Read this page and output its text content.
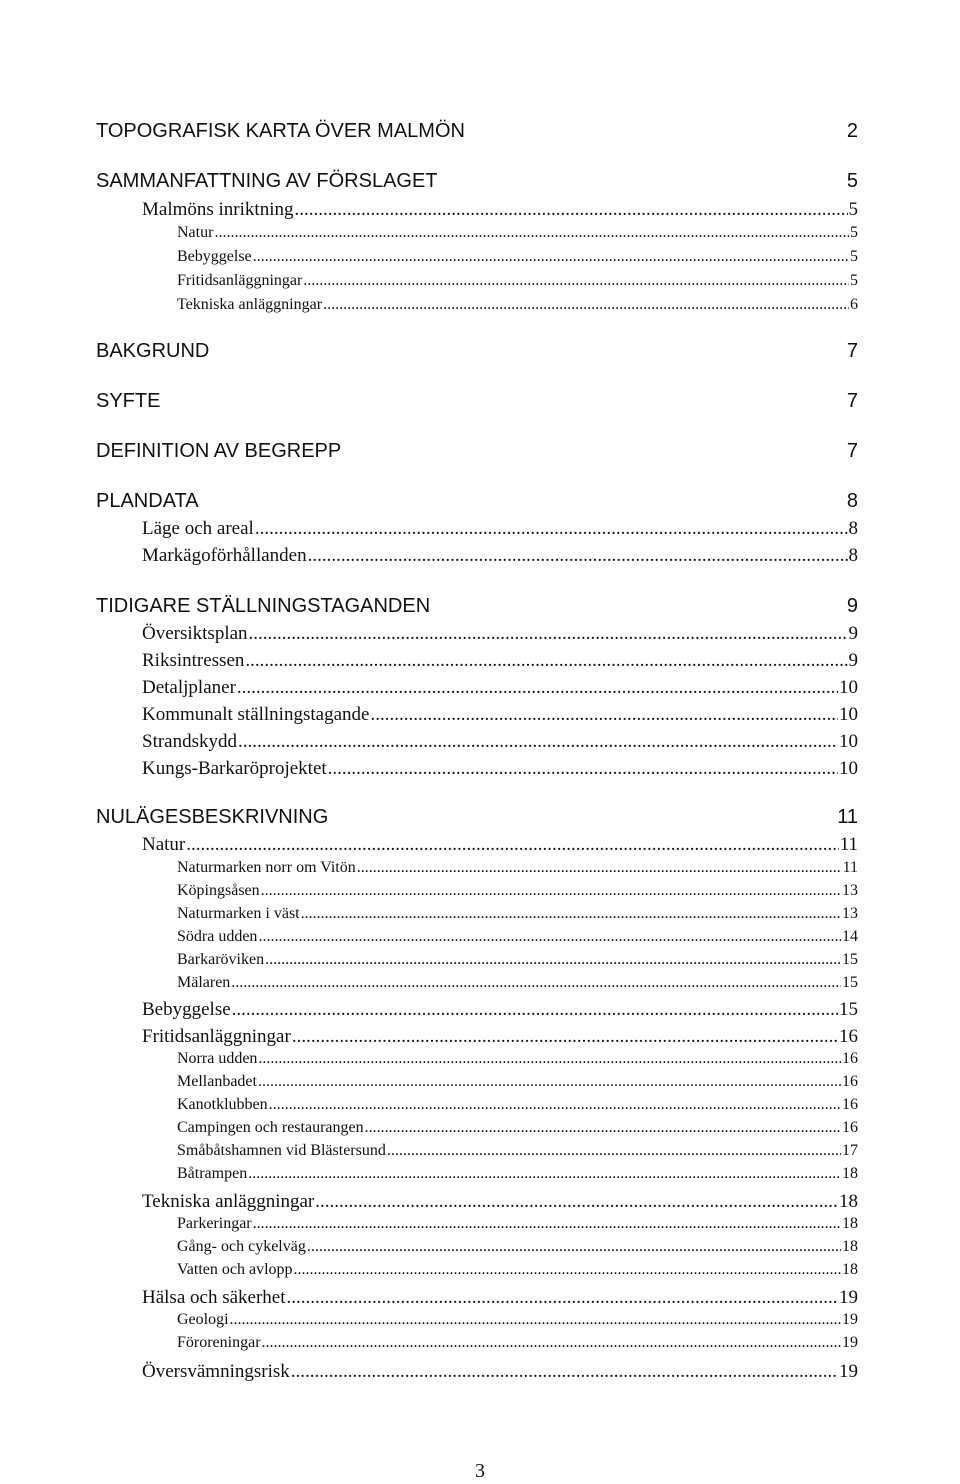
TOPOGRAFISK KARTA ÖVER MALMÖN	2
SAMMANFATTNING AV FÖRSLAGET	5
Malmöns inriktning .....	5
Natur .....	5
Bebyggelse .....	5
Fritidsanläggningar .....	5
Tekniska anläggningar .....	6
BAKGRUND	7
SYFTE	7
DEFINITION AV BEGREPP	7
PLANDATA	8
Läge och areal .....	8
Markägoförhållanden .....	8
TIDIGARE STÄLLNINGSTAGANDEN	9
Översiktsplan .....	9
Riksintressen .....	9
Detaljplaner .....	10
Kommunalt ställningstagande .....	10
Strandskydd .....	10
Kungs-Barkaröprojektet .....	10
NULÄGESBESKRIVNING	11
Natur .....	11
Naturmarken norr om Vitön .....	11
Köpingsåsen .....	13
Naturmarken i väst .....	13
Södra udden .....	14
Barkaröviken .....	15
Mälaren .....	15
Bebyggelse .....	15
Fritidsanläggningar .....	16
Norra udden .....	16
Mellanbadet .....	16
Kanotklubben .....	16
Campingen och restaurangen .....	16
Småbåtshamnen vid Blästersund .....	17
Båtrampen .....	18
Tekniska anläggningar .....	18
Parkeringar .....	18
Gång- och cykelväg .....	18
Vatten och avlopp .....	18
Hälsa och säkerhet .....	19
Geologi .....	19
Föroreningar .....	19
Översvämningsrisk .....	19
3
